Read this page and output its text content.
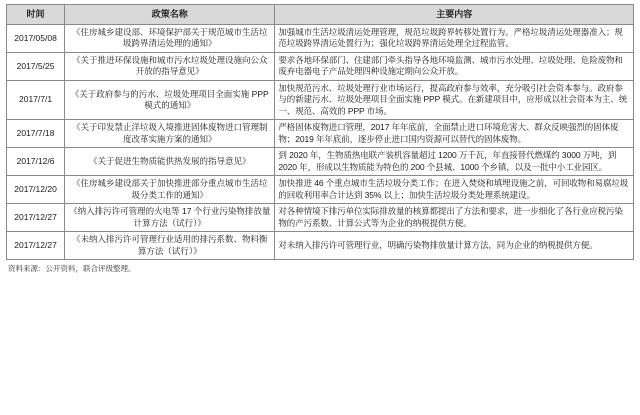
时间	政策名称	主要内容
2017/05/08	《住房城乡建设部、环境保护部关于规范城市生活垃圾跨界清运处理的通知》	加强城市生活垃圾清运处理管理，规范垃圾跨界转移处置行为。严格垃圾清运处理器准入；规范垃圾跨界清运处置行为；强化垃圾跨界清运处理全过程监管。
2017/5/25	《关于推进环保设施和城市污水垃圾处理设施向公众开放的指导意见》	要求各地环保部门、住建部门牵头指导各地环境监测、城市污水处理、垃圾处理、危险废物和废弃电器电子产品处理四种设施定期向公众开放。
2017/7/1	《关于政府参与的污水、垃圾处理项目全面实施 PPP 模式的通知》	加快规范污水、垃圾处理行业市场运行，提高政府参与效率，充分吸引社会资本参与。政府参与的新建污水、垃圾处理项目全面实施 PPP 模式。在新建项目中，应形成以社会资本为主、统一、规范、高效的 PPP 市场。
2017/7/18	《关于印发禁止洋垃圾入境推进固体废物进口管理制度改革实施方案的通知》	严格固体废物进口管理，2017 年年底前，全面禁止进口环境危害大、群众反映强烈的固体废物；2019 年年底前，逐步停止进口国内资源可以替代的固体废物。
2017/12/6	《关于促进生物质能供热发展的指导意见》	到 2020 年，生物质热电联产装机容量超过 1200 万千瓦，年直接替代燃煤约 3000 万吨，到 2020 年，形成以生物质能为特色的 200 个县城、1000 个乡镇，以及一批中小工业园区。
2017/12/20	《住房城乡建设部关于加快推进部分重点城市生活垃圾分类工作的通知》	加快推进 46 个重点城市生活垃圾分类工作；在进入焚烧和填埋设施之前，可回收物和易腐垃圾的回收利用率合计达到 35% 以上；加快生活垃圾分类处理系统建设。
2017/12/27	《纳入排污许可管理的火电等 17 个行业污染物排放量计算方法（试行）》	对各种情境下排污单位实际排放量的核算都提出了方法和要求，进一步细化了各行业应税污染物的产污系数、计算公式等为企业的纳税提供方便。
2017/12/27	《未纳入排污许可管理行业适用的排污系数、物料衡算方法（试行）》	对未纳入排污许可管理行业，明确污染物排放量计算方法，同为企业的纳税提供方便。
资料来源：公开资料，联合评级整理。
